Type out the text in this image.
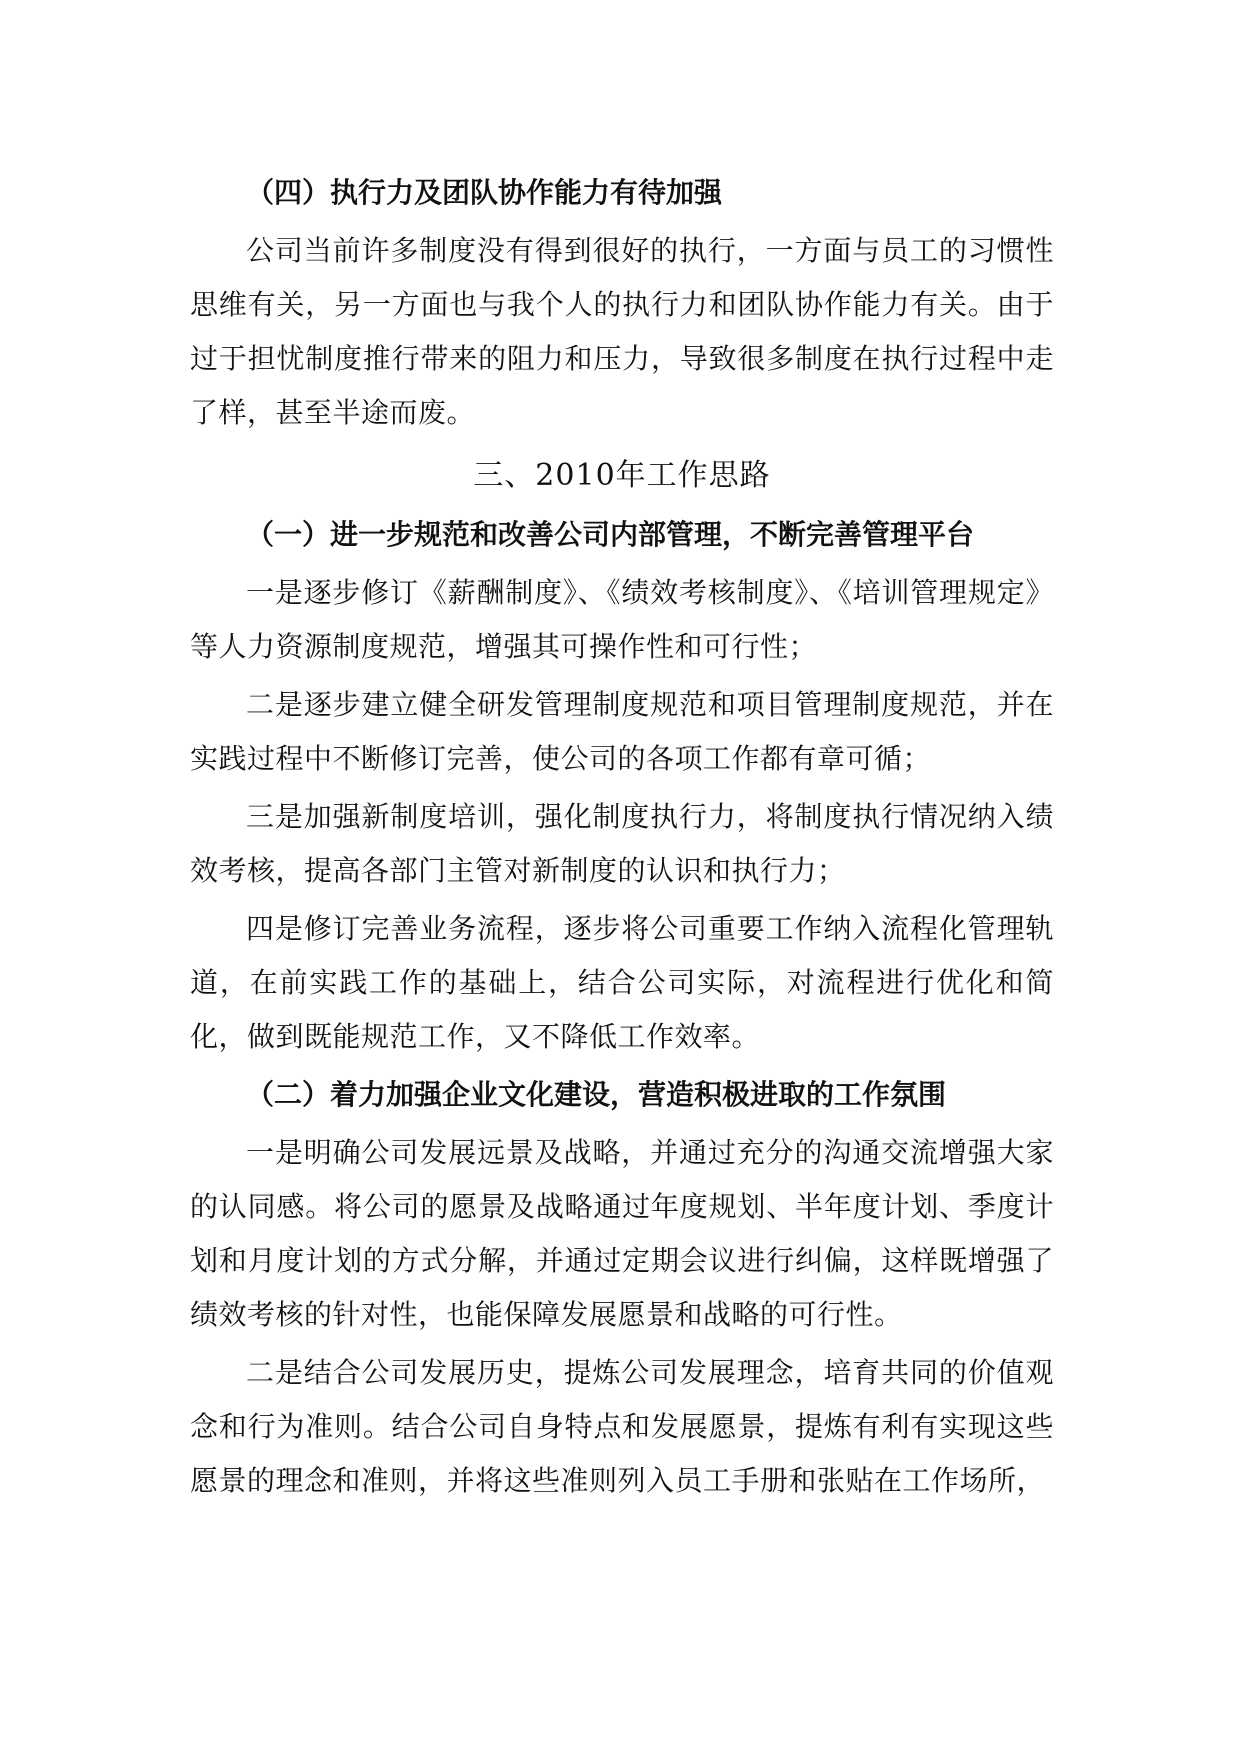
（四）执行力及团队协作能力有待加强
公司当前许多制度没有得到很好的执行，一方面与员工的习惯性思维有关，另一方面也与我个人的执行力和团队协作能力有关。由于过于担忧制度推行带来的阻力和压力，导致很多制度在执行过程中走了样，甚至半途而废。
三、2010年工作思路
（一）进一步规范和改善公司内部管理，不断完善管理平台
一是逐步修订《薪酬制度》、《绩效考核制度》、《培训管理规定》等人力资源制度规范，增强其可操作性和可行性；
二是逐步建立健全研发管理制度规范和项目管理制度规范，并在实践过程中不断修订完善，使公司的各项工作都有章可循；
三是加强新制度培训，强化制度执行力，将制度执行情况纳入绩效考核，提高各部门主管对新制度的认识和执行力；
四是修订完善业务流程，逐步将公司重要工作纳入流程化管理轨道，在前实践工作的基础上，结合公司实际，对流程进行优化和简化，做到既能规范工作，又不降低工作效率。
（二）着力加强企业文化建设，营造积极进取的工作氛围
一是明确公司发展远景及战略，并通过充分的沟通交流增强大家的认同感。将公司的愿景及战略通过年度规划、半年度计划、季度计划和月度计划的方式分解，并通过定期会议进行纠偏，这样既增强了绩效考核的针对性，也能保障发展愿景和战略的可行性。
二是结合公司发展历史，提炼公司发展理念，培育共同的价值观念和行为准则。结合公司自身特点和发展愿景，提炼有利有实现这些愿景的理念和准则，并将这些准则列入员工手册和张贴在工作场所，
